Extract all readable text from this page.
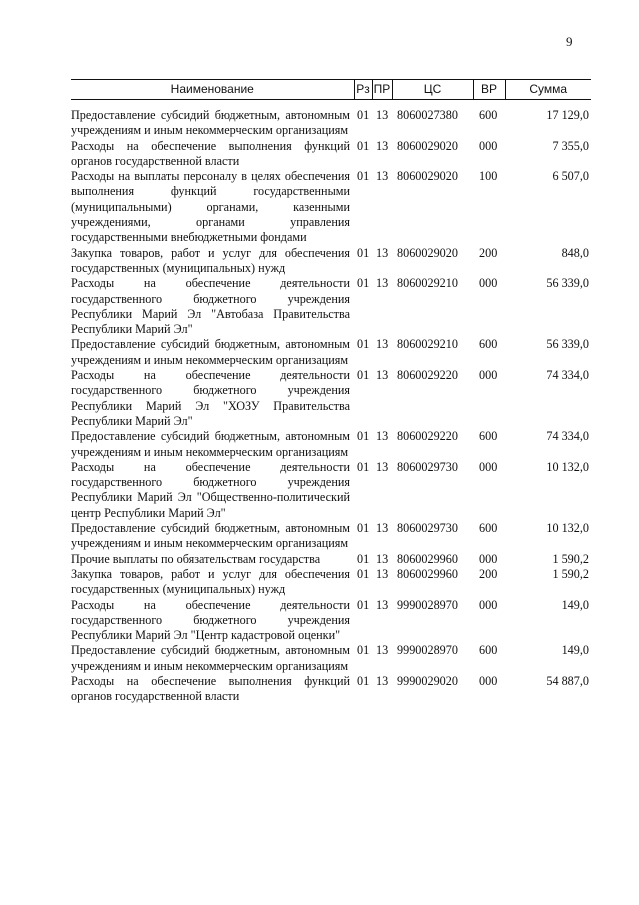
9
Наименование	Рз	ПР	ЦС	ВР	Сумма

Предоставление субсидий бюджетным, автономным учреждениям и иным некоммерческим организациям	01	13	8060027380	600	17 129,0
Расходы на обеспечение выполнения функций органов государственной власти	01	13	8060029020	000	7 355,0
Расходы на выплаты персоналу в целях обеспечения выполнения функций государственными (муниципальными) органами, казенными учреждениями, органами управления государственными внебюджетными фондами	01	13	8060029020	100	6 507,0
Закупка товаров, работ и услуг для обеспечения государственных (муниципальных) нужд	01	13	8060029020	200	848,0
Расходы на обеспечение деятельности государственного бюджетного учреждения Республики Марий Эл "Автобаза Правительства Республики Марий Эл"	01	13	8060029210	000	56 339,0
Предоставление субсидий бюджетным, автономным учреждениям и иным некоммерческим организациям	01	13	8060029210	600	56 339,0
Расходы на обеспечение деятельности государственного бюджетного учреждения Республики Марий Эл "ХОЗУ Правительства Республики Марий Эл"	01	13	8060029220	000	74 334,0
Предоставление субсидий бюджетным, автономным учреждениям и иным некоммерческим организациям	01	13	8060029220	600	74 334,0
Расходы на обеспечение деятельности государственного бюджетного учреждения Республики Марий Эл "Общественно-политический центр Республики Марий Эл"	01	13	8060029730	000	10 132,0
Предоставление субсидий бюджетным, автономным учреждениям и иным некоммерческим организациям	01	13	8060029730	600	10 132,0
Прочие выплаты по обязательствам государства	01	13	8060029960	000	1 590,2
Закупка товаров, работ и услуг для обеспечения государственных (муниципальных) нужд	01	13	8060029960	200	1 590,2
Расходы на обеспечение деятельности государственного бюджетного учреждения Республики Марий Эл "Центр кадастровой оценки"	01	13	9990028970	000	149,0
Предоставление субсидий бюджетным, автономным учреждениям и иным некоммерческим организациям	01	13	9990028970	600	149,0
Расходы на обеспечение выполнения функций органов государственной власти	01	13	9990029020	000	54 887,0
